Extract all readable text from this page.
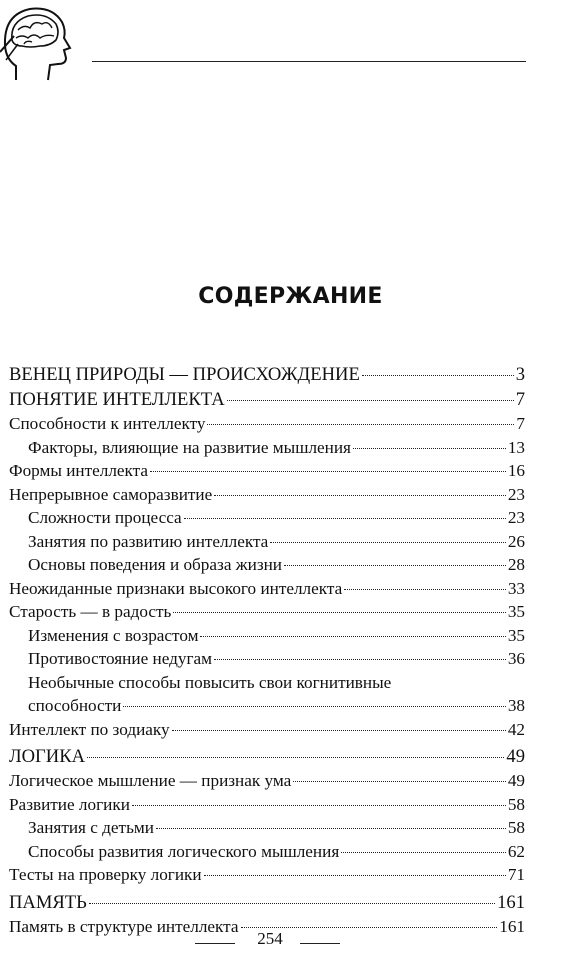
СОДЕРЖАНИЕ
ВЕНЕЦ ПРИРОДЫ — ПРОИСХОЖДЕНИЕ	3
ПОНЯТИЕ ИНТЕЛЛЕКТА	7
Способности к интеллекту	7
Факторы, влияющие на развитие мышления	13
Формы интеллекта	16
Непрерывное саморазвитие	23
Сложности процесса	23
Занятия по развитию интеллекта	26
Основы поведения и образа жизни	28
Неожиданные признаки высокого интеллекта	33
Старость — в радость	35
Изменения с возрастом	35
Противостояние недугам	36
Необычные способы повысить свои когнитивные
способности	38
Интеллект по зодиаку	42
ЛОГИКА	49
Логическое мышление — признак ума	49
Развитие логики	58
Занятия с детьми	58
Способы развития логического мышления	62
Тесты на проверку логики	71
ПАМЯТЬ	161
Память в структуре интеллекта	161
254
